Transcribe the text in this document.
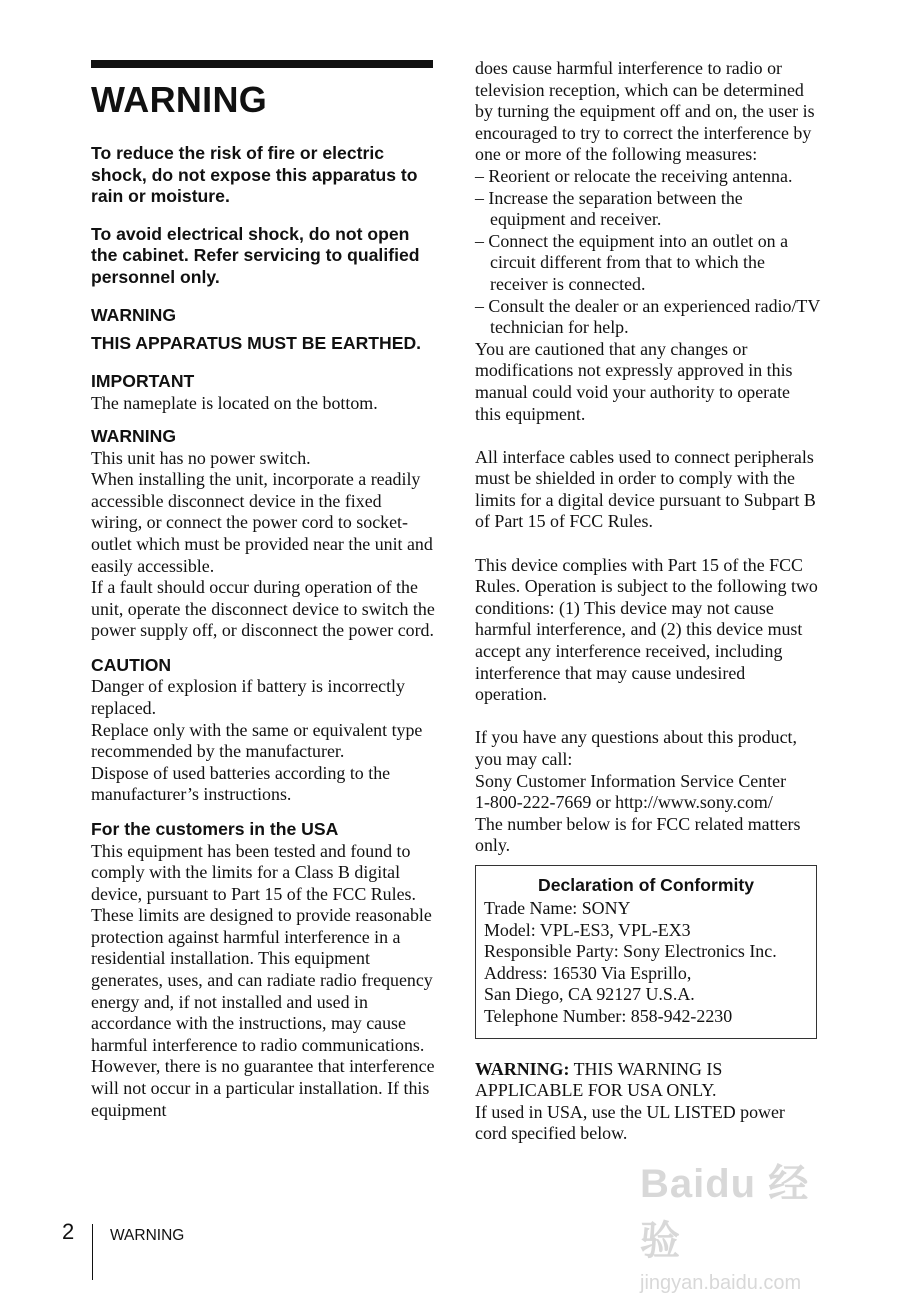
WARNING

To reduce the risk of fire or electric shock, do not expose this apparatus to rain or moisture.

To avoid electrical shock, do not open the cabinet. Refer servicing to qualified personnel only.

WARNING

THIS APPARATUS MUST BE EARTHED.

IMPORTANT

The nameplate is located on the bottom.

WARNING

This unit has no power switch.

When installing the unit, incorporate a readily accessible disconnect device in the fixed wiring, or connect the power cord to socket-outlet which must be provided near the unit and easily accessible.

If a fault should occur during operation of the unit, operate the disconnect device to switch the power supply off, or disconnect the power cord.

CAUTION

Danger of explosion if battery is incorrectly replaced.

Replace only with the same or equivalent type recommended by the manufacturer.

Dispose of used batteries according to the manufacturer’s instructions.

For the customers in the USA

This equipment has been tested and found to comply with the limits for a Class B digital device, pursuant to Part 15 of the FCC Rules. These limits are designed to provide reasonable protection against harmful interference in a residential installation. This equipment generates, uses, and can radiate radio frequency energy and, if not installed and used in accordance with the instructions, may cause harmful interference to radio communications. However, there is no guarantee that interference will not occur in a particular installation. If this equipment

does cause harmful interference to radio or television reception, which can be determined by turning the equipment off and on, the user is encouraged to try to correct the interference by one or more of the following measures:

– Reorient or relocate the receiving antenna.

– Increase the separation between the equipment and receiver.

– Connect the equipment into an outlet on a circuit different from that to which the receiver is connected.

– Consult the dealer or an experienced radio/TV technician for help.

You are cautioned that any changes or modifications not expressly approved in this manual could void your authority to operate this equipment.

All interface cables used to connect peripherals must be shielded in order to comply with the limits for a digital device pursuant to Subpart B of Part 15 of FCC Rules.

This device complies with Part 15 of the FCC Rules. Operation is subject to the following two conditions: (1) This device may not cause harmful interference, and (2) this device must accept any interference received, including interference that may cause undesired operation.

If you have any questions about this product, you may call:

Sony Customer Information Service Center

1-800-222-7669 or http://www.sony.com/

The number below is for FCC related matters only.

Declaration of Conformity

Trade Name: SONY

Model: VPL-ES3, VPL-EX3

Responsible Party: Sony Electronics Inc.

Address: 16530 Via Esprillo,

San Diego, CA 92127 U.S.A.

Telephone Number: 858-942-2230

WARNING: THIS WARNING IS APPLICABLE FOR USA ONLY.

If used in USA, use the UL LISTED power cord specified below.

2 WARNING
Baidu 经验
jingyan.baidu.com
